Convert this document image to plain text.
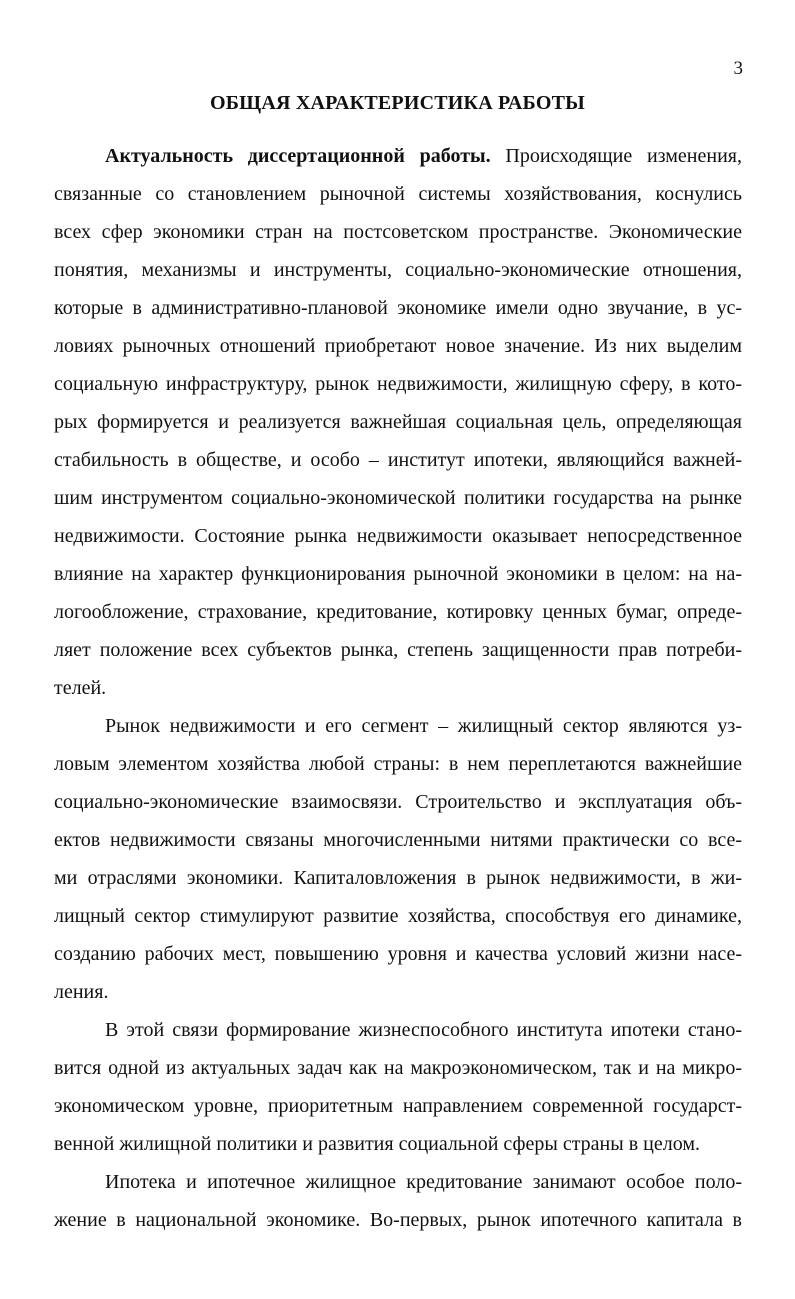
3
ОБЩАЯ ХАРАКТЕРИСТИКА РАБОТЫ
Актуальность диссертационной работы. Происходящие изменения,
связанные со становлением рыночной системы хозяйствования, коснулись
всех сфер экономики стран на постсоветском пространстве. Экономические
понятия, механизмы и инструменты, социально-экономические отношения,
которые в административно-плановой экономике имели одно звучание, в ус-
ловиях рыночных отношений приобретают новое значение. Из них выделим
социальную инфраструктуру, рынок недвижимости, жилищную сферу, в кото-
рых формируется и реализуется важнейшая социальная цель, определяющая
стабильность в обществе, и особо – институт ипотеки, являющийся важней-
шим инструментом социально-экономической политики государства на рынке
недвижимости. Состояние рынка недвижимости оказывает непосредственное
влияние на характер функционирования рыночной экономики в целом: на на-
логообложение, страхование, кредитование, котировку ценных бумаг, опреде-
ляет положение всех субъектов рынка, степень защищенности прав потреби-
телей.
Рынок недвижимости и его сегмент – жилищный сектор являются уз-
ловым элементом хозяйства любой страны: в нем переплетаются важнейшие
социально-экономические взаимосвязи. Строительство и эксплуатация объ-
ектов недвижимости связаны многочисленными нитями практически со все-
ми отраслями экономики. Капиталовложения в рынок недвижимости, в жи-
лищный сектор стимулируют развитие хозяйства, способствуя его динамике,
созданию рабочих мест, повышению уровня и качества условий жизни насе-
ления.
В этой связи формирование жизнеспособного института ипотеки стано-
вится одной из актуальных задач как на макроэкономическом, так и на микро-
экономическом уровне, приоритетным направлением современной государст-
венной жилищной политики и развития социальной сферы страны в целом.
Ипотека и ипотечное жилищное кредитование занимают особое поло-
жение в национальной экономике. Во-первых, рынок ипотечного капитала в
